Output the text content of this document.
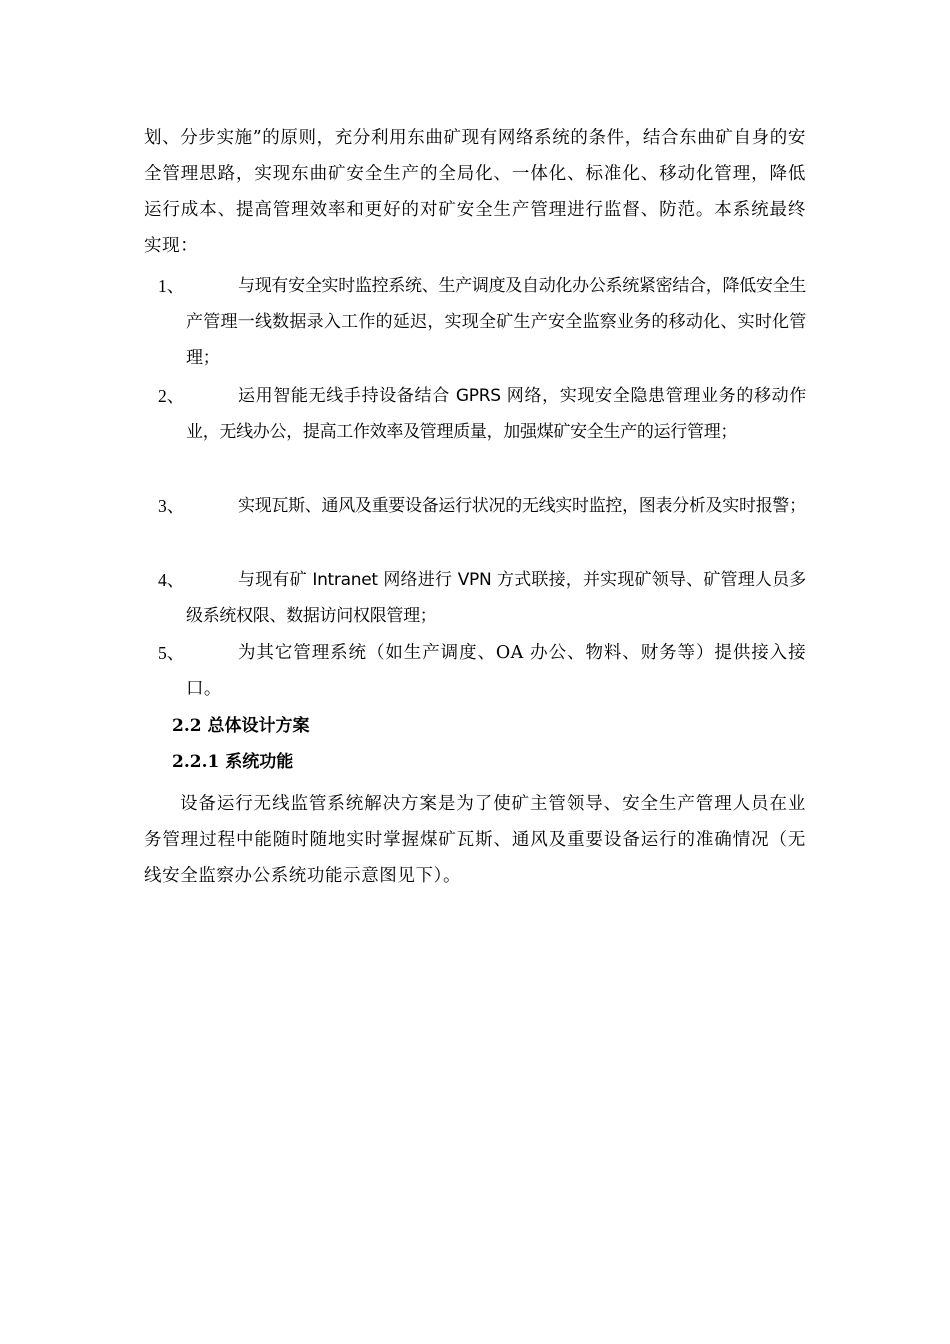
划、分步实施”的原则，充分利用东曲矿现有网络系统的条件，结合东曲矿自身的安全管理思路，实现东曲矿安全生产的全局化、一体化、标准化、移动化管理，降低运行成本、提高管理效率和更好的对矿安全生产管理进行监督、防范。本系统最终实现：

1、	与现有安全实时监控系统、生产调度及自动化办公系统紧密结合，降低安全生产管理一线数据录入工作的延迟，实现全矿生产安全监察业务的移动化、实时化管理；
2、	运用智能无线手持设备结合 GPRS 网络，实现安全隐患管理业务的移动作业，无线办公，提高工作效率及管理质量，加强煤矿安全生产的运行管理；
3、	实现瓦斯、通风及重要设备运行状况的无线实时监控，图表分析及实时报警；
4、	与现有矿 Intranet 网络进行 VPN 方式联接，并实现矿领导、矿管理人员多级系统权限、数据访问权限管理；
5、	为其它管理系统（如生产调度、OA 办公、物料、财务等）提供接入接口。
2.2 总体设计方案
2.2.1 系统功能

设备运行无线监管系统解决方案是为了使矿主管领导、安全生产管理人员在业务管理过程中能随时随地实时掌握煤矿瓦斯、通风及重要设备运行的准确情况（无线安全监察办公系统功能示意图见下）。
